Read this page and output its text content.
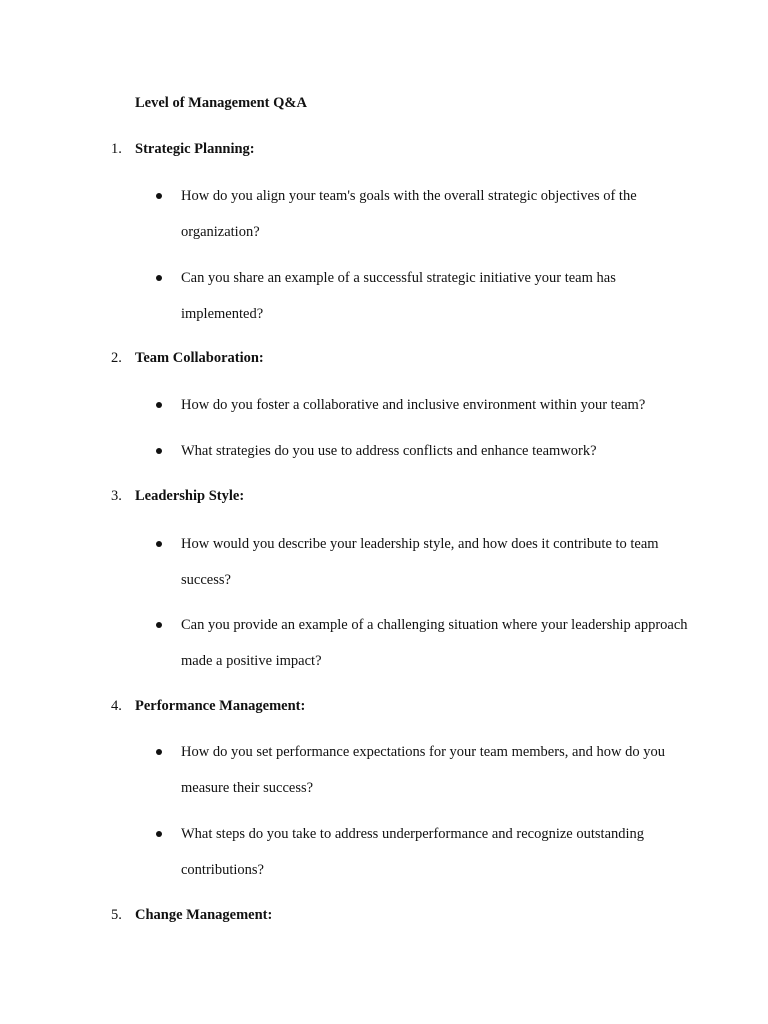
Level of Management Q&A
1. Strategic Planning:

How do you align your team's goals with the overall strategic objectives of the organization?

Can you share an example of a successful strategic initiative your team has implemented?

2. Team Collaboration:

How do you foster a collaborative and inclusive environment within your team?

What strategies do you use to address conflicts and enhance teamwork?

3. Leadership Style:

How would you describe your leadership style, and how does it contribute to team success?

Can you provide an example of a challenging situation where your leadership approach made a positive impact?

4. Performance Management:

How do you set performance expectations for your team members, and how do you measure their success?

What steps do you take to address underperformance and recognize outstanding contributions?

5. Change Management:
